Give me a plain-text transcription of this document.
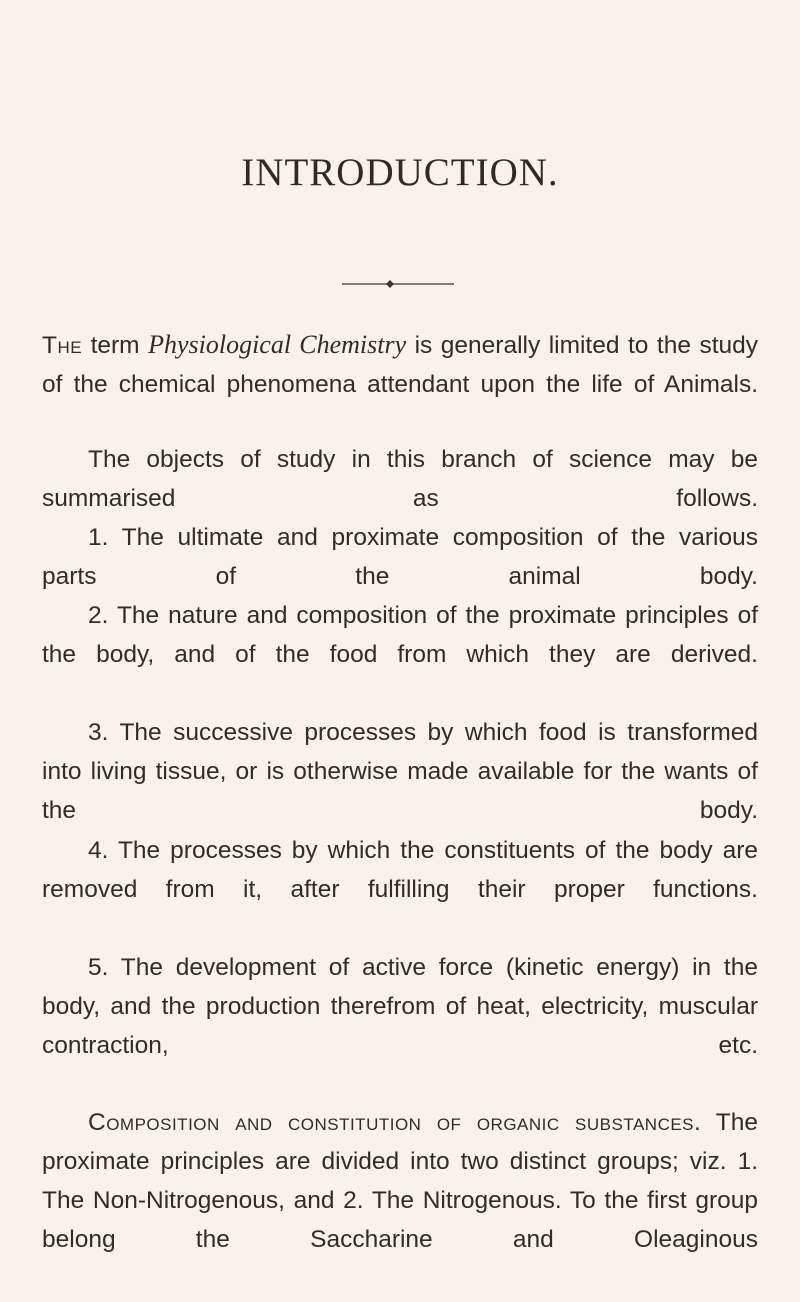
INTRODUCTION.

The term Physiological Chemistry is generally limited to the study of the chemical phenomena attendant upon the life of Animals.

The objects of study in this branch of science may be summarised as follows.

1. The ultimate and proximate composition of the various parts of the animal body.

2. The nature and composition of the proximate principles of the body, and of the food from which they are derived.

3. The successive processes by which food is transformed into living tissue, or is otherwise made available for the wants of the body.

4. The processes by which the constituents of the body are removed from it, after fulfilling their proper functions.

5. The development of active force (kinetic energy) in the body, and the production therefrom of heat, electricity, muscular contraction, etc.

Composition and constitution of organic substances. The proximate principles are divided into two distinct groups; viz. 1. The Non-Nitrogenous, and 2. The Nitrogenous. To the first group belong the Saccharine and Oleaginous
